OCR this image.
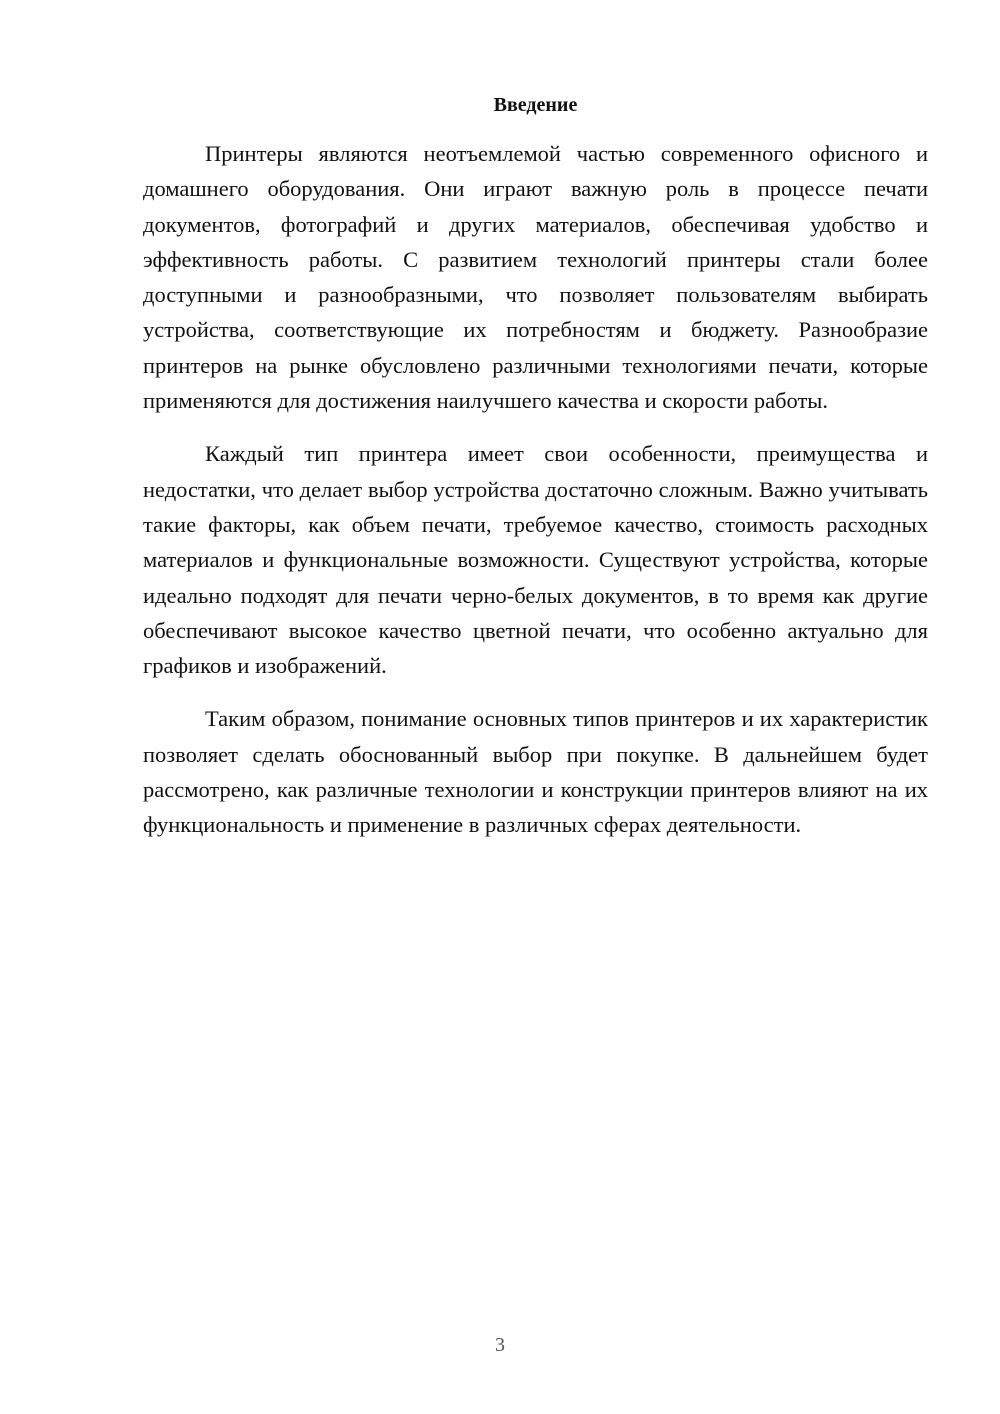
Введение

Принтеры являются неотъемлемой частью современного офисного и домашнего оборудования. Они играют важную роль в процессе печати документов, фотографий и других материалов, обеспечивая удобство и эффективность работы. С развитием технологий принтеры стали более доступными и разнообразными, что позволяет пользователям выбирать устройства, соответствующие их потребностям и бюджету. Разнообразие принтеров на рынке обусловлено различными технологиями печати, которые применяются для достижения наилучшего качества и скорости работы.

Каждый тип принтера имеет свои особенности, преимущества и недостатки, что делает выбор устройства достаточно сложным. Важно учитывать такие факторы, как объем печати, требуемое качество, стоимость расходных материалов и функциональные возможности. Существуют устройства, которые идеально подходят для печати черно-белых документов, в то время как другие обеспечивают высокое качество цветной печати, что особенно актуально для графиков и изображений.

Таким образом, понимание основных типов принтеров и их характеристик позволяет сделать обоснованный выбор при покупке. В дальнейшем будет рассмотрено, как различные технологии и конструкции принтеров влияют на их функциональность и применение в различных сферах деятельности.

3
